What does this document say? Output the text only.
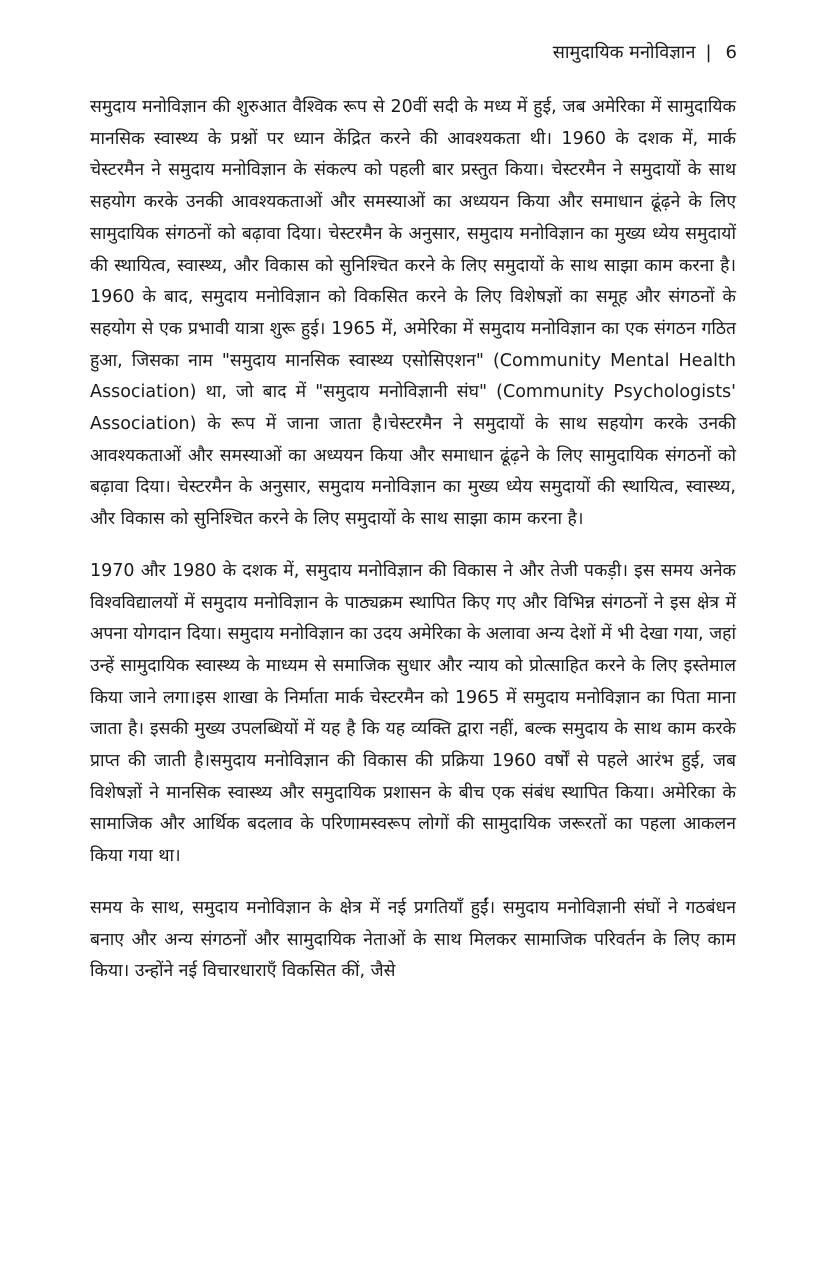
सामुदायिक मनोविज्ञान | 6

समुदाय मनोविज्ञान की शुरुआत वैश्विक रूप से 20वीं सदी के मध्य में हुई, जब अमेरिका में सामुदायिक मानसिक स्वास्थ्य के प्रश्नों पर ध्यान केंद्रित करने की आवश्यकता थी। 1960 के दशक में, मार्क चेस्टरमैन ने समुदाय मनोविज्ञान के संकल्प को पहली बार प्रस्तुत किया। चेस्टरमैन ने समुदायों के साथ सहयोग करके उनकी आवश्यकताओं और समस्याओं का अध्ययन किया और समाधान ढूंढ़ने के लिए सामुदायिक संगठनों को बढ़ावा दिया। चेस्टरमैन के अनुसार, समुदाय मनोविज्ञान का मुख्य ध्येय समुदायों की स्थायित्व, स्वास्थ्य, और विकास को सुनिश्चित करने के लिए समुदायों के साथ साझा काम करना है। 1960 के बाद, समुदाय मनोविज्ञान को विकसित करने के लिए विशेषज्ञों का समूह और संगठनों के सहयोग से एक प्रभावी यात्रा शुरू हुई। 1965 में, अमेरिका में समुदाय मनोविज्ञान का एक संगठन गठित हुआ, जिसका नाम "समुदाय मानसिक स्वास्थ्य एसोसिएशन" (Community Mental Health Association) था, जो बाद में "समुदाय मनोविज्ञानी संघ" (Community Psychologists' Association) के रूप में जाना जाता है।चेस्टरमैन ने समुदायों के साथ सहयोग करके उनकी आवश्यकताओं और समस्याओं का अध्ययन किया और समाधान ढूंढ़ने के लिए सामुदायिक संगठनों को बढ़ावा दिया। चेस्टरमैन के अनुसार, समुदाय मनोविज्ञान का मुख्य ध्येय समुदायों की स्थायित्व, स्वास्थ्य, और विकास को सुनिश्चित करने के लिए समुदायों के साथ साझा काम करना है।

1970 और 1980 के दशक में, समुदाय मनोविज्ञान की विकास ने और तेजी पकड़ी। इस समय अनेक विश्वविद्यालयों में समुदाय मनोविज्ञान के पाठ्यक्रम स्थापित किए गए और विभिन्न संगठनों ने इस क्षेत्र में अपना योगदान दिया। समुदाय मनोविज्ञान का उदय अमेरिका के अलावा अन्य देशों में भी देखा गया, जहां उन्हें सामुदायिक स्वास्थ्य के माध्यम से समाजिक सुधार और न्याय को प्रोत्साहित करने के लिए इस्तेमाल किया जाने लगा।इस शाखा के निर्माता मार्क चेस्टरमैन को 1965 में समुदाय मनोविज्ञान का पिता माना जाता है। इसकी मुख्य उपलब्धियों में यह है कि यह व्यक्ति द्वारा नहीं, बल्क समुदाय के साथ काम करके प्राप्त की जाती है।समुदाय मनोविज्ञान की विकास की प्रक्रिया 1960 वर्षों से पहले आरंभ हुई, जब विशेषज्ञों ने मानसिक स्वास्थ्य और समुदायिक प्रशासन के बीच एक संबंध स्थापित किया। अमेरिका के सामाजिक और आर्थिक बदलाव के परिणामस्वरूप लोगों की सामुदायिक जरूरतों का पहला आकलन किया गया था।

समय के साथ, समुदाय मनोविज्ञान के क्षेत्र में नई प्रगतियाँ हुईं। समुदाय मनोविज्ञानी संघों ने गठबंधन बनाए और अन्य संगठनों और सामुदायिक नेताओं के साथ मिलकर सामाजिक परिवर्तन के लिए काम किया। उन्होंने नई विचारधाराएँ विकसित कीं, जैसे
